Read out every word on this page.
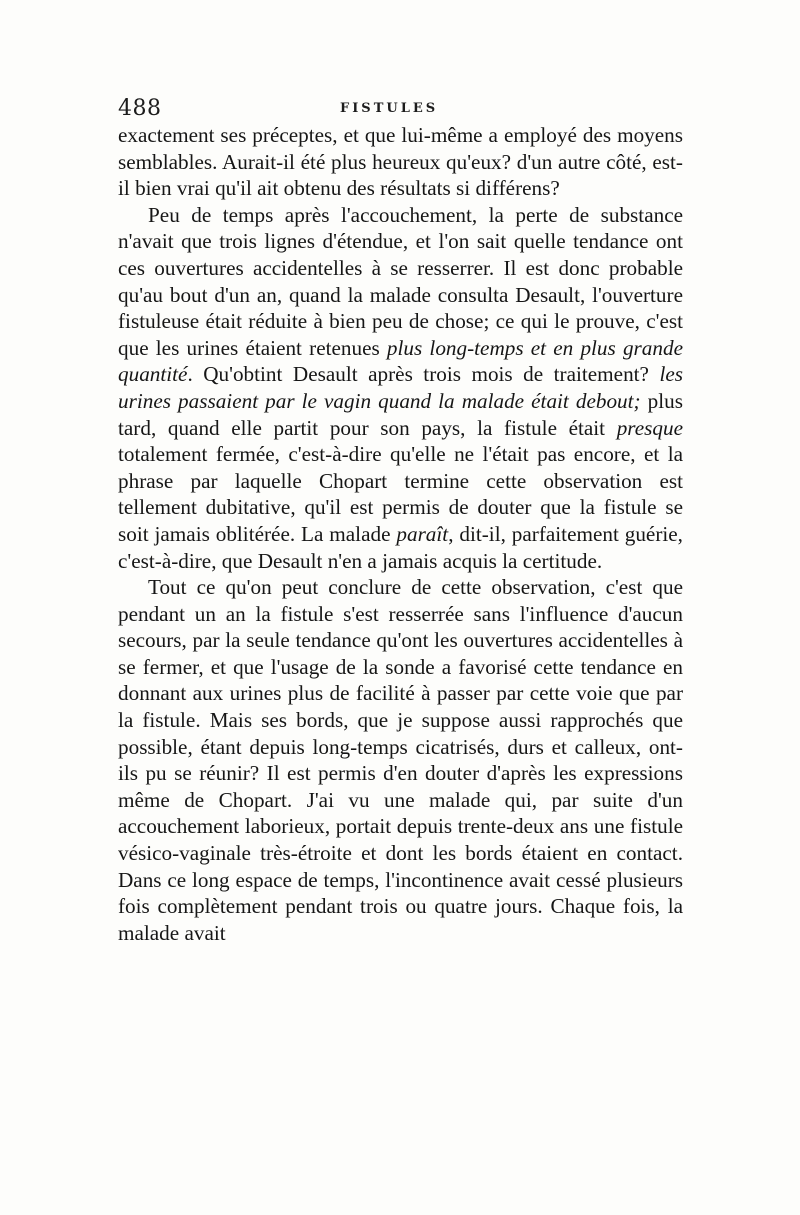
488	FISTULES

exactement ses préceptes, et que lui-même a employé des moyens semblables. Aurait-il été plus heureux qu'eux? d'un autre côté, est-il bien vrai qu'il ait obtenu des résultats si différens?

Peu de temps après l'accouchement, la perte de substance n'avait que trois lignes d'étendue, et l'on sait quelle tendance ont ces ouvertures accidentelles à se resserrer. Il est donc probable qu'au bout d'un an, quand la malade consulta Desault, l'ouverture fistuleuse était réduite à bien peu de chose; ce qui le prouve, c'est que les urines étaient retenues plus long-temps et en plus grande quantité. Qu'obtint Desault après trois mois de traitement? les urines passaient par le vagin quand la malade était debout; plus tard, quand elle partit pour son pays, la fistule était presque totalement fermée, c'est-à-dire qu'elle ne l'était pas encore, et la phrase par laquelle Chopart termine cette observation est tellement dubitative, qu'il est permis de douter que la fistule se soit jamais oblitérée. La malade paraît, dit-il, parfaitement guérie, c'est-à-dire, que Desault n'en a jamais acquis la certitude.

Tout ce qu'on peut conclure de cette observation, c'est que pendant un an la fistule s'est resserrée sans l'influence d'aucun secours, par la seule tendance qu'ont les ouvertures accidentelles à se fermer, et que l'usage de la sonde a favorisé cette tendance en donnant aux urines plus de facilité à passer par cette voie que par la fistule. Mais ses bords, que je suppose aussi rapprochés que possible, étant depuis long-temps cicatrisés, durs et calleux, ont-ils pu se réunir? Il est permis d'en douter d'après les expressions même de Chopart. J'ai vu une malade qui, par suite d'un accouchement laborieux, portait depuis trente-deux ans une fistule vésico-vaginale très-étroite et dont les bords étaient en contact. Dans ce long espace de temps, l'incontinence avait cessé plusieurs fois complètement pendant trois ou quatre jours. Chaque fois, la malade avait
